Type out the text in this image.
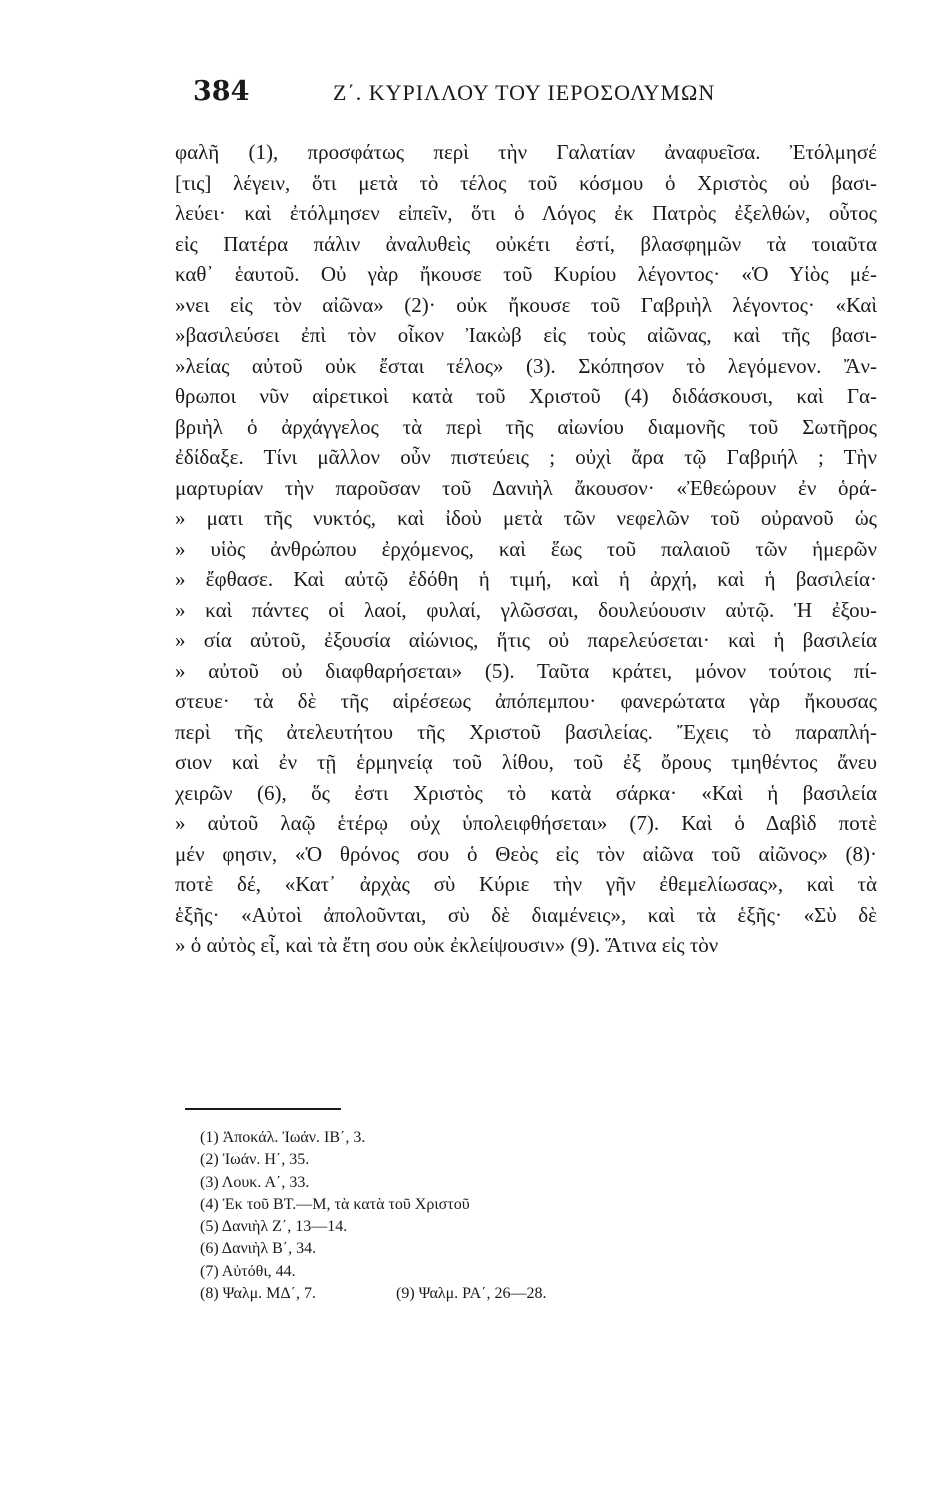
384	Ζ΄. ΚΥΡΙΛΛΟΥ ΤΟΥ ΙΕΡΟΣΟΛΥΜΩΝ
φαλῆ (1), προσφάτως περὶ τὴν Γαλατίαν ἀναφυεῖσα. Ἐτόλμησέ
[τις] λέγειν, ὅτι μετὰ τὸ τέλος τοῦ κόσμου ὁ Χριστὸς οὐ βασι-
λεύει· καὶ ἐτόλμησεν εἰπεῖν, ὅτι ὁ Λόγος ἐκ Πατρὸς ἐξελθών, οὗτος
εἰς Πατέρα πάλιν ἀναλυθεὶς οὐκέτι ἐστί, βλασφημῶν τὰ τοιαῦτα
καθ᾽ ἑαυτοῦ. Οὐ γὰρ ἤκουσε τοῦ Κυρίου λέγοντος· «Ὁ Υἱὸς μέ-
»νει εἰς τὸν αἰῶνα» (2)· οὐκ ἤκουσε τοῦ Γαβριὴλ λέγοντος· «Καὶ
»βασιλεύσει ἐπὶ τὸν οἶκον Ἰακὼβ εἰς τοὺς αἰῶνας, καὶ τῆς βασι-
»λείας αὐτοῦ οὐκ ἔσται τέλος» (3). Σκόπησον τὸ λεγόμενον. Ἄν-
θρωποι νῦν αἱρετικοὶ κατὰ τοῦ Χριστοῦ (4) διδάσκουσι, καὶ Γα-
βριὴλ ὁ ἀρχάγγελος τὰ περὶ τῆς αἰωνίου διαμονῆς τοῦ Σωτῆρος
ἐδίδαξε. Τίνι μᾶλλον οὖν πιστεύεις ; οὐχὶ ἄρα τῷ Γαβριήλ ; Τὴν
μαρτυρίαν τὴν παροῦσαν τοῦ Δανιὴλ ἄκουσον· «Ἐθεώρουν ἐν ὁρά-
» ματι τῆς νυκτός, καὶ ἰδοὺ μετὰ τῶν νεφελῶν τοῦ οὐρανοῦ ὡς
» υἱὸς ἀνθρώπου ἐρχόμενος, καὶ ἕως τοῦ παλαιοῦ τῶν ἡμερῶν
» ἔφθασε. Καὶ αὐτῷ ἐδόθη ἡ τιμή, καὶ ἡ ἀρχή, καὶ ἡ βασιλεία·
» καὶ πάντες οἱ λαοί, φυλαί, γλῶσσαι, δουλεύουσιν αὐτῷ. Ἡ ἐξου-
» σία αὐτοῦ, ἐξουσία αἰώνιος, ἥτις οὐ παρελεύσεται· καὶ ἡ βασιλεία
» αὐτοῦ οὐ διαφθαρήσεται» (5). Ταῦτα κράτει, μόνον τούτοις πί-
στευε· τὰ δὲ τῆς αἱρέσεως ἀπόπεμπου· φανερώτατα γὰρ ἤκουσας
περὶ τῆς ἀτελευτήτου τῆς Χριστοῦ βασιλείας. Ἔχεις τὸ παραπλή-
σιον καὶ ἐν τῇ ἑρμηνείᾳ τοῦ λίθου, τοῦ ἐξ ὄρους τμηθέντος ἄνευ
χειρῶν (6), ὅς ἐστι Χριστὸς τὸ κατὰ σάρκα· «Καὶ ἡ βασιλεία
» αὐτοῦ λαῷ ἑτέρῳ οὐχ ὑπολειφθήσεται» (7). Καὶ ὁ Δαβὶδ ποτὲ
μέν φησιν, «Ὁ θρόνος σου ὁ Θεὸς εἰς τὸν αἰῶνα τοῦ αἰῶνος» (8)·
ποτὲ δέ, «Κατ᾽ ἀρχὰς σὺ Κύριε τὴν γῆν ἐθεμελίωσας», καὶ τὰ
ἑξῆς· «Αὐτοὶ ἀπολοῦνται, σὺ δὲ διαμένεις», καὶ τὰ ἑξῆς· «Σὺ δὲ
» ὁ αὐτὸς εἶ, καὶ τὰ ἔτη σου οὐκ ἐκλείψουσιν» (9). Ἅτινα εἰς τὸν
(1) Ἀποκάλ. Ἰωάν. ΙΒ΄, 3.
(2) Ἰωάν. Η΄, 35.
(3) Λουκ. Α΄, 33.
(4) Ἐκ τοῦ ΒΤ.—Μ, τὰ κατὰ τοῦ Χριστοῦ
(5) Δανιὴλ Ζ΄, 13—14.
(6) Δανιὴλ Β΄, 34.
(7) Αὐτόθι, 44.
(8) Ψαλμ. ΜΔ΄, 7.	(9) Ψαλμ. ΡΑ΄, 26—28.
